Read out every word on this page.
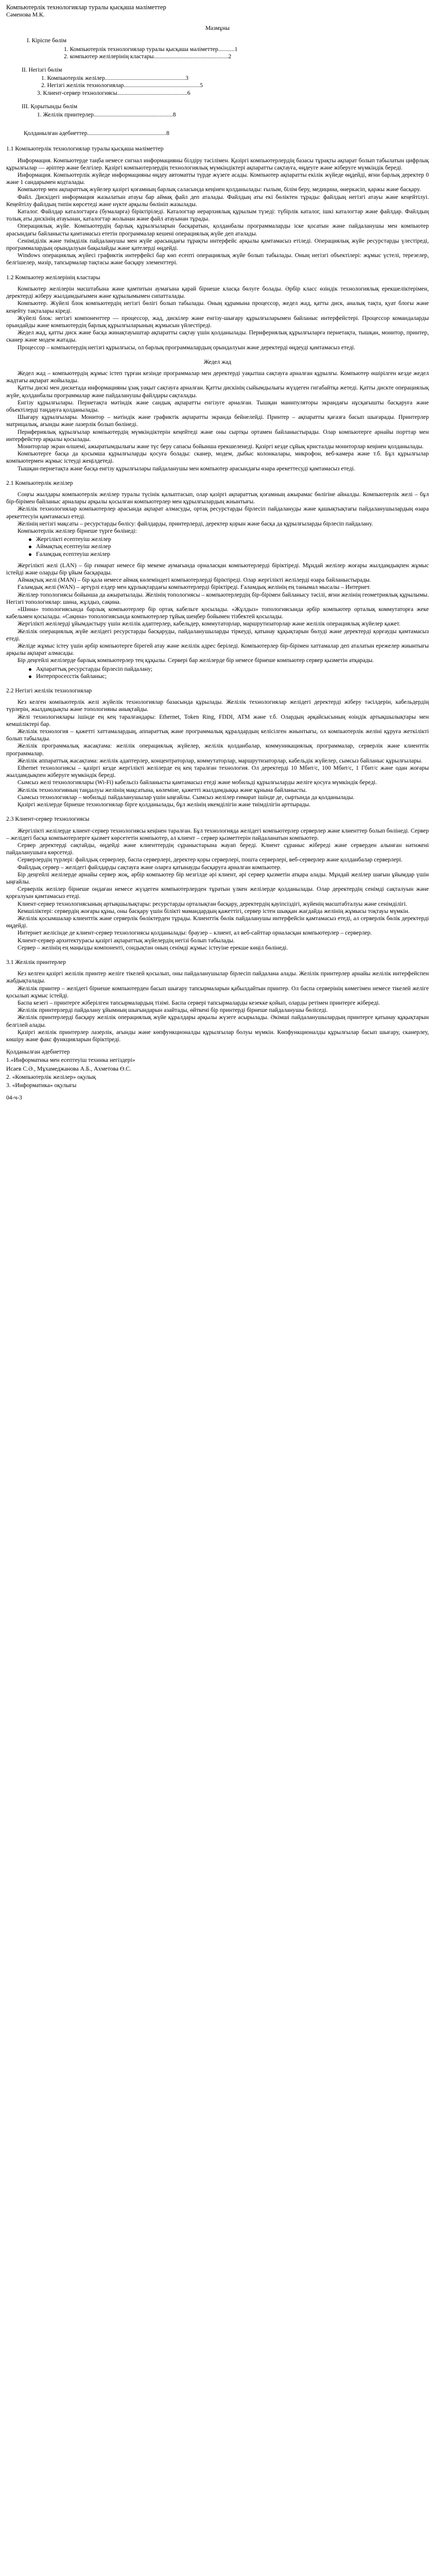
Компьютерлік технологиялар туралы қысқаша мәліметтер

Сәменова М.К.

Мазмұны

I. Кіріспе бөлім

1. Компьютерлік технологиялар туралы қысқаша мәліметтер...........1

2. компьютер желілерінің кластары..................................................2

II. Негізгі бөлім

1. Компьютерлік желілер......................................................3

2. Негізгі желілік технологиялар...................................................5

3. Клиент-сервер технологиясы...............................................6

III. Қорытынды бөлім

1. Желілік принтерлер.....................................................8

Қолданылған әдебиеттер.....................................................8

1.1 Компьютерлік технологиялар туралы қысқаша мәліметтер

Информация. Компьютерде таңба немесе сигнал информацияны білдіру тәсілімен. Қазіргі компьютерлердің базасы тұрақты ақпарат болып табылатын цифрлық құрылғылар — әріптер және белгілер. Қазіргі компьютерлердің технологиялық мүмкіндіктері ақпаратты сақтауға, өңдеуге және жіберуге мүмкіндік береді.

Информация. Компьютерлік жүйеде информацияны өңдеу автоматты түрде жүзеге асады. Компьютер ақпаратты екілік жүйеде өңдейді, яғни барлық деректер 0 және 1 сандарымен кодталады.

Компьютер мен ақпараттық жүйелер қазіргі қоғамның барлық саласында кеңінен қолданылады: ғылым, білім беру, медицина, өнеркәсіп, қаржы және басқару.

Файл. Дискідегі информация жазылатын атауы бар аймақ файл деп аталады. Файлдың аты екі бөліктен тұрады: файлдың негізгі атауы және кеңейтілуі. Кеңейтілу файлдың типін көрсетеді және нүкте арқылы бөлініп жазылады.

Каталог. Файлдар каталогтарға (бумаларға) біріктіріледі. Каталогтар иерархиялық құрылым түзеді: түбірлік каталог, ішкі каталогтар және файлдар. Файлдың толық аты дискінің атауынан, каталогтар жолынан және файл атауынан тұрады.

Операциялық жүйе. Компьютердің барлық құрылғыларын басқаратын, қолданбалы программаларды іске қосатын және пайдаланушы мен компьютер арасындағы байланысты қамтамасыз ететін программалар кешені операциялық жүйе деп аталады.

Сеніміділік және тиімділік пайдаланушы мен жүйе арасындағы тұрақты интерфейс арқылы қамтамасыз етіледі. Операциялық жүйе ресурстарды үлестіреді, программалардың орындалуын бақылайды және қателерді өңдейді.

Windows операциялық жүйесі графиктік интерфейсі бар көп есепті операциялық жүйе болып табылады. Оның негізгі объектілері: жұмыс үстелі, терезелер, белгішелер, мәзір, тапсырмалар тақтасы және басқару элементтері.

1.2 Компьютер желілерінің кластары

Компьютер желілерін масштабына және қамтитын аумағына қарай бірнеше класқа бөлуге болады. Әрбір класс өзіндік технологиялық ерекшеліктерімен, деректерді жіберу жылдамдығымен және құрылымымен сипатталады.

Компьютер. Жүйелі блок компьютердің негізгі бөлігі болып табылады. Оның құрамына процессор, жедел жад, қатты диск, аналық тақта, қуат блогы және кеңейту тақталары кіреді.

Жүйелі блок: негізгі компоненттер — процессор, жад, дискілер және енгізу-шығару құрылғыларымен байланыс интерфейстері. Процессор командаларды орындайды және компьютердің барлық құрылғыларының жұмысын үйлестіреді.

Жедел жад, қатты диск және басқа жинақтауыштар ақпаратты сақтау үшін қолданылады. Перифериялық құрылғыларға пернетақта, тышқан, монитор, принтер, сканер және модем жатады.

Процессор – компьютердің негізгі құрылғысы, ол барлық программалардың орындалуын және деректерді өңдеуді қамтамасыз етеді.

Жедел жад

Жедел жад – компьютердің жұмыс істеп тұрған кезінде программалар мен деректерді уақытша сақтауға арналған құрылғы. Компьютер өшірілген кезде жедел жадтағы ақпарат жойылады.

Қатты дискі мен дискетада информацияны ұзақ уақыт сақтауға арналған. Қатты дискінің сыйымдылығы жүздеген гигабайтқа жетеді. Қатты дискте операциялық жүйе, қолданбалы программалар және пайдаланушы файлдары сақталады.

Енгізу құрылғылары. Пернетақта мәтіндік және сандық ақпаратты енгізуге арналған. Тышқан манипуляторы экрандағы нұсқағышты басқаруға және объектілерді таңдауға қолданылады.

Шығару құрылғылары. Монитор – мәтіндік және графиктік ақпаратты экранда бейнелейді. Принтер – ақпаратты қағазға басып шығарады. Принтерлер матрицалық, ағынды және лазерлік болып бөлінеді.

Перифериялық құрылғылар компьютердің мүмкіндіктерін кеңейтеді және оны сыртқы ортамен байланыстырады. Олар компьютерге арнайы порттар мен интерфейстер арқылы қосылады.

Мониторлар экран өлшемі, ажыратымдылығы және түс беру сапасы бойынша ерекшеленеді. Қазіргі кезде сұйық кристалды мониторлар кеңінен қолданылады.

Компьютерге басқа да қосымша құрылғыларды қосуға болады: сканер, модем, дыбыс колонкалары, микрофон, веб-камера және т.б. Бұл құрылғылар компьютермен жұмыс істеуді жеңілдетеді.

Тышқан-пернетақта және басқа енгізу құрылғылары пайдаланушы мен компьютер арасындағы өзара әрекеттесуді қамтамасыз етеді.

2.1 Компьютерлік желілер

Соңғы жылдары компьютерлік желілер туралы түсінік қалыптасып, олар қазіргі ақпараттық қоғамның ажырамас бөлігіне айналды. Компьютерлік желі – бұл бір-бірімен байланыс арналары арқылы қосылған компьютерлер мен құрылғылардың жиынтығы.

Желілік технологиялар компьютерлер арасында ақпарат алмасуды, ортақ ресурстарды бірлесіп пайдалануды және қашықтықтағы пайдаланушылардың өзара әрекеттесуін қамтамасыз етеді.

Желінің негізгі мақсаты – ресурстарды бөлісу: файлдарды, принтерлерді, деректер қорын және басқа да құрылғыларды бірлесіп пайдалану.

Компьютерлік желілер бірнеше түрге бөлінеді:

Жергілікті есептеуіш желілер
Аймақтық есептеуіш желілер
Ғаламдық есептеуіш желілер

Жергілікті желі (LAN) – бір ғимарат немесе бір мекеме аумағында орналасқан компьютерлерді біріктіреді. Мұндай желілер жоғары жылдамдықпен жұмыс істейді және оларды бір ұйым басқарады.

Аймақтық желі (MAN) – бір қала немесе аймақ көлеміндегі компьютерлерді біріктіреді. Олар жергілікті желілерді өзара байланыстырады.

Ғаламдық желі (WAN) – әртүрлі елдер мен құрлықтардағы компьютерлерді біріктіреді. Ғаламдық желінің ең танымал мысалы – Интернет.

Желілер топологиясы бойынша да ажыратылады. Желінің топологиясы – компьютерлердің бір-бірімен байланысу тәсілі, яғни желінің геометриялық құрылымы. Негізгі топологиялар: шина, жұлдыз, сақина.

«Шина» топологиясында барлық компьютерлер бір ортақ кабельге қосылады. «Жұлдыз» топологиясында әрбір компьютер орталық коммутаторға жеке кабельмен қосылады. «Сақина» топологиясында компьютерлер тұйық шеңбер бойымен тізбектей қосылады.

Жергілікті желілерді ұйымдастыру үшін желілік адаптерлер, кабельдер, коммутаторлар, маршрутизаторлар және желілік операциялық жүйелер қажет.

Желілік операциялық жүйе желідегі ресурстарды басқаруды, пайдаланушыларды тіркеуді, қатынау құқықтарын бөлуді және деректерді қорғауды қамтамасыз етеді.

Желіде жұмыс істеу үшін әрбір компьютерге бірегей атау және желілік адрес беріледі. Компьютерлер бір-бірімен хаттамалар деп аталатын ережелер жиынтығы арқылы ақпарат алмасады.

Бір деңгейлі желілерде барлық компьютерлер тең құқылы. Сервері бар желілерде бір немесе бірнеше компьютер сервер қызметін атқарады.

Ақпараттық ресурстарды бірлесіп пайдалану;
Интерпросесстік байланыс;

2.2 Негізгі желілік технологиялар

Кез келген компьютерлік желі жүйелік технологиялар базасында құрылады. Желілік технологиялар желідегі деректерді жіберу тәсілдерін, кабельдердің түрлерін, жылдамдықты және топологияны анықтайды.

Желі технологиялары ішінде ең кең таралғандары: Ethernet, Token Ring, FDDI, ATM және т.б. Олардың әрқайсысының өзіндік артықшылықтары мен кемшіліктері бар.

Желілік технология – қажетті хаттамалардың, аппараттық және программалық құралдардың келісілген жиынтығы, ол компьютерлік желіні құруға жеткілікті болып табылады.

Желілік программалық жасақтама: желілік операциялық жүйелер, желілік қолданбалар, коммуникациялық программалар, серверлік және клиенттік программалар.

Желілік аппараттық жасақтама: желілік адаптерлер, концентраторлар, коммутаторлар, маршрутизаторлар, кабельдік жүйелер, сымсыз байланыс құрылғылары.

Ethernet технологиясы – қазіргі кезде жергілікті желілерде ең кең таралған технология. Ол деректерді 10 Мбит/с, 100 Мбит/с, 1 Гбит/с және одан жоғары жылдамдықпен жіберуге мүмкіндік береді.

Сымсыз желі технологиялары (Wi-Fi) кабельсіз байланысты қамтамасыз етеді және мобильді құрылғыларды желіге қосуға мүмкіндік береді.

Желілік технологияның таңдалуы желінің мақсатына, көлеміне, қажетті жылдамдыққа және құнына байланысты.

Сымсыз технологиялар – мобильді пайдаланушылар үшін ыңғайлы. Сымсыз желілер ғимарат ішінде де, сыртында да қолданылады.

Қазіргі желілерде бірнеше технологиялар бірге қолданылады, бұл желінің икемділігін және тиімділігін арттырады.

2.3 Клиент-сервер технологиясы

Жергілікті желілерде клиент-сервер технологиясы кеңінен таралған. Бұл технологияда желідегі компьютерлер серверлер және клиенттер болып бөлінеді. Сервер – желідегі басқа компьютерлерге қызмет көрсететін компьютер, ал клиент – сервер қызметтерін пайдаланатын компьютер.

Сервер деректерді сақтайды, өңдейді және клиенттердің сұраныстарына жауап береді. Клиент сұраныс жібереді және серверден алынған нәтижені пайдаланушыға көрсетеді.

Серверлердің түрлері: файлдық серверлер, баспа серверлері, деректер қоры серверлері, пошта серверлері, веб-серверлер және қолданбалар серверлері.

Файлдық сервер – желідегі файлдарды сақтауға және оларға қатынауды басқаруға арналған компьютер.

Бір деңгейлі желілерде арнайы сервер жоқ, әрбір компьютер бір мезгілде әрі клиент, әрі сервер қызметін атқара алады. Мұндай желілер шағын ұйымдар үшін ыңғайлы.

Серверлік желілер бірнеше ондаған немесе жүздеген компьютерлерден тұратын үлкен желілерде қолданылады. Олар деректердің сенімді сақталуын және қорғалуын қамтамасыз етеді.

Клиент-сервер технологиясының артықшылықтары: ресурстарды орталықтан басқару, деректердің қауіпсіздігі, жүйенің масштабталуы және сенімділігі.

Кемшіліктері: сервердің жоғары құны, оны басқару үшін білікті мамандардың қажеттігі, сервер істен шыққан жағдайда желінің жұмысы тоқтауы мүмкін.

Желілік қосымшалар клиенттік және серверлік бөліктерден тұрады. Клиенттік бөлік пайдаланушы интерфейсін қамтамасыз етеді, ал серверлік бөлік деректерді өңдейді.

Интернет желісінде де клиент-сервер технологиясы қолданылады: браузер – клиент, ал веб-сайттар орналасқан компьютерлер – серверлер.

Клиент-сервер архитектурасы қазіргі ақпараттық жүйелердің негізі болып табылады.

Сервер – желінің ең маңызды компоненті, сондықтан оның сенімді жұмыс істеуіне ерекше көңіл бөлінеді.

3.1 Желілік принтерлер

Кез келген қазіргі желілік принтер желіге тікелей қосылып, оны пайдаланушылар бірлесіп пайдалана алады. Желілік принтерлер арнайы желілік интерфейспен жабдықталады.

Желілік принтер – желідегі бірнеше компьютерден басып шығару тапсырмаларын қабылдайтын принтер. Ол баспа серверінің көмегімен немесе тікелей желіге қосылып жұмыс істейді.

Баспа кезегі – принтерге жіберілген тапсырмалардың тізімі. Баспа сервері тапсырмаларды кезекке қойып, оларды ретімен принтерге жібереді.

Желілік принтерлерді пайдалану ұйымның шығындарын азайтады, өйткені бір принтерді бірнеше пайдаланушы бөліседі.

Желілік принтерлерді басқару желілік операциялық жүйе құралдары арқылы жүзеге асырылады. Әкімші пайдаланушылардың принтерге қатынау құқықтарын белгілей алады.

Қазіргі желілік принтерлер лазерлік, ағынды және көпфункционалды құрылғылар болуы мүмкін. Көпфункционалды құрылғылар басып шығару, сканерлеу, көшіру және факс функцияларын біріктіреді.

Қолданылған әдебиеттер

1.«Информатика мен есептеуіш техника негіздері»

Исаев С.Ә., Мұхамеджанова А.Б., Ахметова Ө.С.

2. «Компьютерлік желілер» оқулық

3. «Информатика» оқулығы

04-ч-3
